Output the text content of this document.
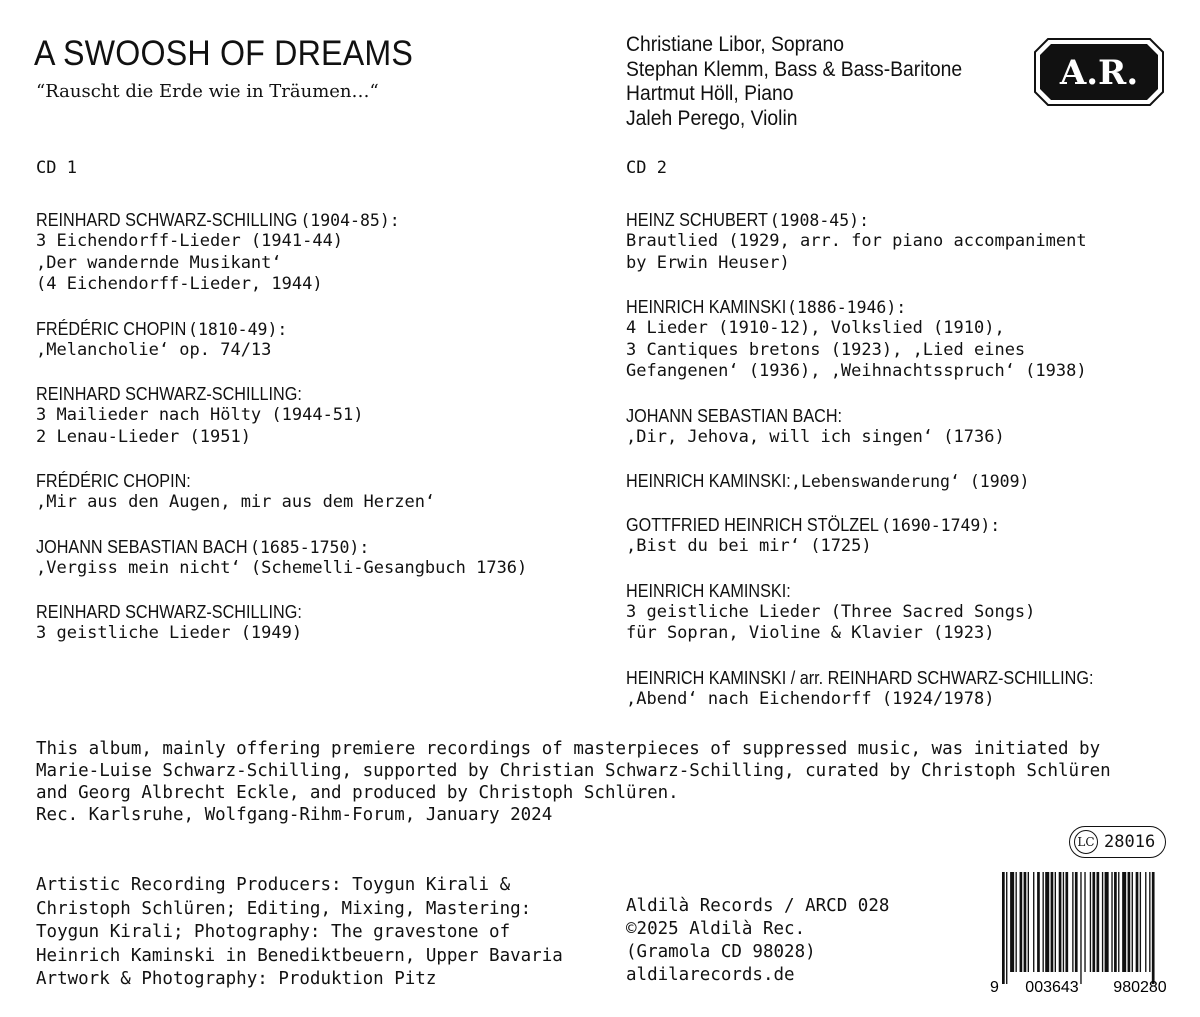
A SWOOSH OF DREAMS
“Rauscht die Erde wie in Träumen…“
Christiane Libor, Soprano
Stephan Klemm, Bass & Bass-Baritone
Hartmut Höll, Piano
Jaleh Perego, Violin
A.R.
CD 1
REINHARD SCHWARZ-SCHILLING (1904-85):
3 Eichendorff-Lieder (1941-44)
‚Der wandernde Musikant‘
(4 Eichendorff-Lieder, 1944)
FRÉDÉRIC CHOPIN (1810-49):
‚Melancholie‘ op. 74/13
REINHARD SCHWARZ-SCHILLING:
3 Mailieder nach Hölty (1944-51)
2 Lenau-Lieder (1951)
FRÉDÉRIC CHOPIN:
‚Mir aus den Augen, mir aus dem Herzen‘
JOHANN SEBASTIAN BACH (1685-1750):
‚Vergiss mein nicht‘ (Schemelli-Gesangbuch 1736)
REINHARD SCHWARZ-SCHILLING:
3 geistliche Lieder (1949)
CD 2
HEINZ SCHUBERT (1908-45):
Brautlied (1929, arr. for piano accompaniment
by Erwin Heuser)
HEINRICH KAMINSKI(1886-1946):
4 Lieder (1910-12), Volkslied (1910),
3 Cantiques bretons (1923), ‚Lied eines
Gefangenen‘ (1936), ‚Weihnachtsspruch‘ (1938)
JOHANN SEBASTIAN BACH:
‚Dir, Jehova, will ich singen‘ (1736)
HEINRICH KAMINSKI:‚Lebenswanderung‘ (1909)
GOTTFRIED HEINRICH STÖLZEL (1690-1749):
‚Bist du bei mir‘ (1725)
HEINRICH KAMINSKI:
3 geistliche Lieder (Three Sacred Songs)
für Sopran, Violine & Klavier (1923)
HEINRICH KAMINSKI / arr. REINHARD SCHWARZ-SCHILLING:
‚Abend‘ nach Eichendorff (1924/1978)
This album, mainly offering premiere recordings of masterpieces of suppressed music, was initiated by
Marie-Luise Schwarz-Schilling, supported by Christian Schwarz-Schilling, curated by Christoph Schlüren
and Georg Albrecht Eckle, and produced by Christoph Schlüren.
Rec. Karlsruhe, Wolfgang-Rihm-Forum, January 2024
LC 28016
Artistic Recording Producers: Toygun Kirali &
Christoph Schlüren; Editing, Mixing, Mastering:
Toygun Kirali; Photography: The gravestone of
Heinrich Kaminski in Benediktbeuern, Upper Bavaria
Artwork & Photography: Produktion Pitz
Aldilà Records / ARCD 028
©2025 Aldilà Rec.
(Gramola CD 98028)
aldilarecords.de
9 003643 980280
